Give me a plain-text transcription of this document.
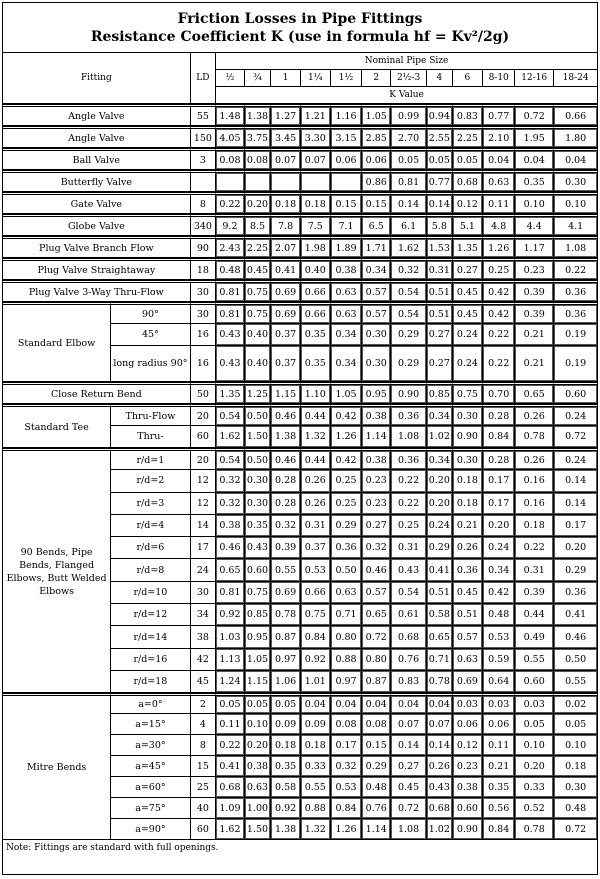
Friction Losses in Pipe Fittings
Resistance Coefficient K (use in formula hf = Kv²/2g)
Fitting		LD	Nominal Pipe Size											
			½	¾	1	1¼	1½	2	2½-3	4	6	8-10	12-16	18-24
			K Value											
Angle Valve		55	1.48	1.38	1.27	1.21	1.16	1.05	0.99	0.94	0.83	0.77	0.72	0.66
Angle Valve		150	4.05	3.75	3.45	3.30	3.15	2.85	2.70	2.55	2.25	2.10	1.95	1.80
Ball Valve		3	0.08	0.08	0.07	0.07	0.06	0.06	0.05	0.05	0.05	0.04	0.04	0.04
Butterfly Valve								0.86	0.81	0.77	0.68	0.63	0.35	0.30
Gate Valve		8	0.22	0.20	0.18	0.18	0.15	0.15	0.14	0.14	0.12	0.11	0.10	0.10
Globe Valve		340	9.2	8.5	7.8	7.5	7.1	6.5	6.1	5.8	5.1	4.8	4.4	4.1
Plug Valve Branch Flow		90	2.43	2.25	2.07	1.98	1.89	1.71	1.62	1.53	1.35	1.26	1.17	1.08
Plug Valve Straightaway		18	0.48	0.45	0.41	0.40	0.38	0.34	0.32	0.31	0.27	0.25	0.23	0.22
Plug Valve 3-Way Thru-Flow		30	0.81	0.75	0.69	0.66	0.63	0.57	0.54	0.51	0.45	0.42	0.39	0.36
Standard Elbow	90°	30	0.81	0.75	0.69	0.66	0.63	0.57	0.54	0.51	0.45	0.42	0.39	0.36
	45°	16	0.43	0.40	0.37	0.35	0.34	0.30	0.29	0.27	0.24	0.22	0.21	0.19
	long radius 90°	16	0.43	0.40	0.37	0.35	0.34	0.30	0.29	0.27	0.24	0.22	0.21	0.19
Close Return Bend		50	1.35	1.25	1.15	1.10	1.05	0.95	0.90	0.85	0.75	0.70	0.65	0.60
Standard Tee	Thru-Flow	20	0.54	0.50	0.46	0.44	0.42	0.38	0.36	0.34	0.30	0.28	0.26	0.24
	Thru-	60	1.62	1.50	1.38	1.32	1.26	1.14	1.08	1.02	0.90	0.84	0.78	0.72
90 Bends, Pipe Bends, Flanged Elbows, Butt Welded Elbows	r/d=1	20	0.54	0.50	0.46	0.44	0.42	0.38	0.36	0.34	0.30	0.28	0.26	0.24
	r/d=2	12	0.32	0.30	0.28	0.26	0.25	0.23	0.22	0.20	0.18	0.17	0.16	0.14
	r/d=3	12	0.32	0.30	0.28	0.26	0.25	0.23	0.22	0.20	0.18	0.17	0.16	0.14
	r/d=4	14	0.38	0.35	0.32	0.31	0.29	0.27	0.25	0.24	0.21	0.20	0.18	0.17
	r/d=6	17	0.46	0.43	0.39	0.37	0.36	0.32	0.31	0.29	0.26	0.24	0.22	0.20
	r/d=8	24	0.65	0.60	0.55	0.53	0.50	0.46	0.43	0.41	0.36	0.34	0.31	0.29
	r/d=10	30	0.81	0.75	0.69	0.66	0.63	0.57	0.54	0.51	0.45	0.42	0.39	0.36
	r/d=12	34	0.92	0.85	0.78	0.75	0.71	0.65	0.61	0.58	0.51	0.48	0.44	0.41
	r/d=14	38	1.03	0.95	0.87	0.84	0.80	0.72	0.68	0.65	0.57	0.53	0.49	0.46
	r/d=16	42	1.13	1.05	0.97	0.92	0.88	0.80	0.76	0.71	0.63	0.59	0.55	0.50
	r/d=18	45	1.24	1.15	1.06	1.01	0.97	0.87	0.83	0.78	0.69	0.64	0.60	0.55
Mitre Bends	a=0°	2	0.05	0.05	0.05	0.04	0.04	0.04	0.04	0.04	0.03	0.03	0.03	0.02
	a=15°	4	0.11	0.10	0.09	0.09	0.08	0.08	0.07	0.07	0.06	0.06	0.05	0.05
	a=30°	8	0.22	0.20	0.18	0.18	0.17	0.15	0.14	0.14	0.12	0.11	0.10	0.10
	a=45°	15	0.41	0.38	0.35	0.33	0.32	0.29	0.27	0.26	0.23	0.21	0.20	0.18
	a=60°	25	0.68	0.63	0.58	0.55	0.53	0.48	0.45	0.43	0.38	0.35	0.33	0.30
	a=75°	40	1.09	1.00	0.92	0.88	0.84	0.76	0.72	0.68	0.60	0.56	0.52	0.48
	a=90°	60	1.62	1.50	1.38	1.32	1.26	1.14	1.08	1.02	0.90	0.84	0.78	0.72
Note: Fittings are standard with full openings.
